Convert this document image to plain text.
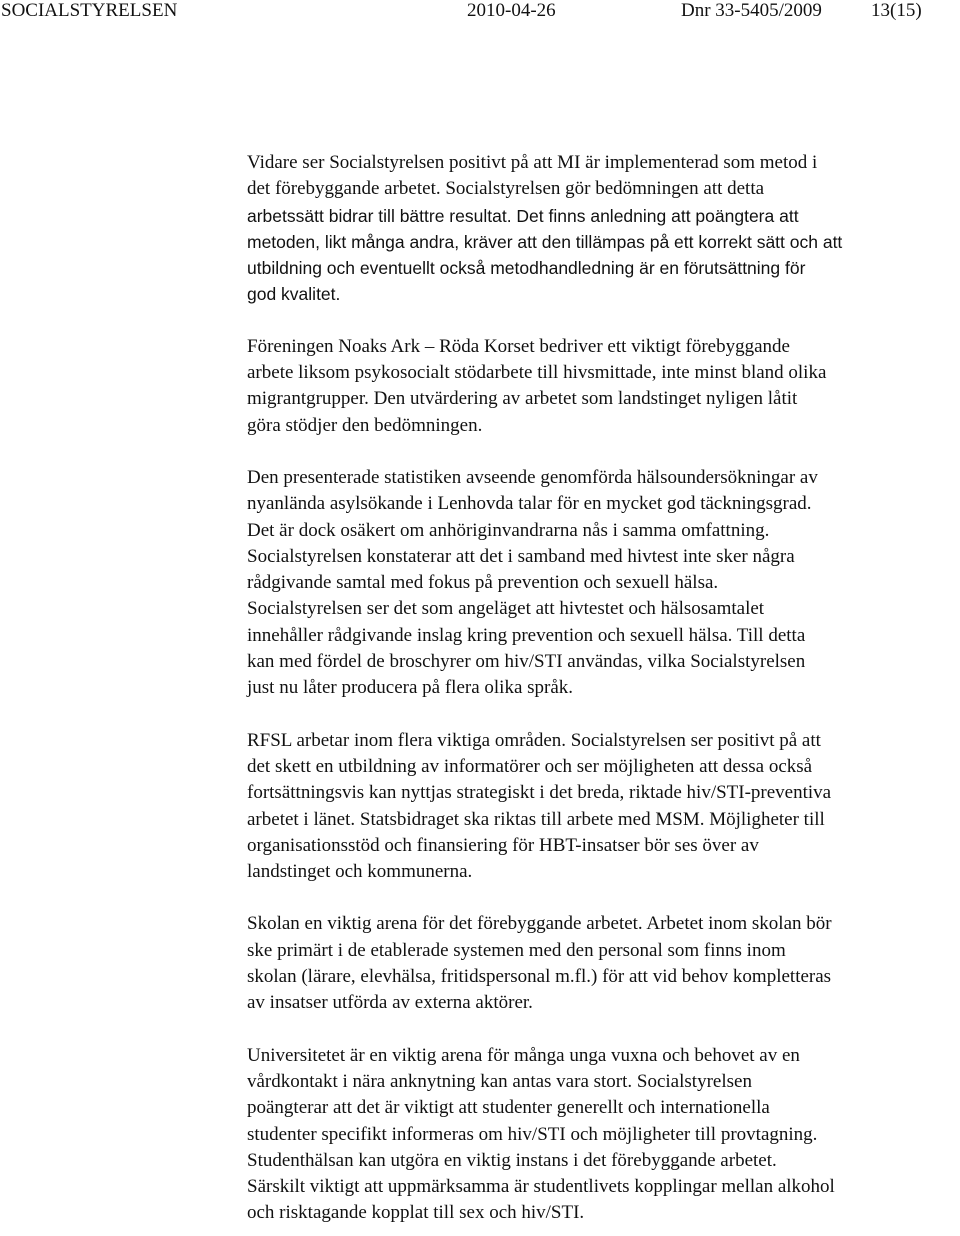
SOCIALSTYRELSEN	2010-04-26	Dnr 33-5405/2009	13(15)

Vidare ser Socialstyrelsen positivt på att MI är implementerad som metod i
det förebyggande arbetet. Socialstyrelsen gör bedömningen att detta
arbetssätt bidrar till bättre resultat. Det finns anledning att poängtera att
metoden, likt många andra, kräver att den tillämpas på ett korrekt sätt och att
utbildning och eventuellt också metodhandledning är en förutsättning för
god kvalitet.

Föreningen Noaks Ark – Röda Korset bedriver ett viktigt förebyggande
arbete liksom psykosocialt stödarbete till hivsmittade, inte minst bland olika
migrantgrupper. Den utvärdering av arbetet som landstinget nyligen låtit
göra stödjer den bedömningen.

Den presenterade statistiken avseende genomförda hälsoundersökningar av
nyanlända asylsökande i Lenhovda talar för en mycket god täckningsgrad.
Det är dock osäkert om anhöriginvandrarna nås i samma omfattning.
Socialstyrelsen konstaterar att det i samband med hivtest inte sker några
rådgivande samtal med fokus på prevention och sexuell hälsa.
Socialstyrelsen ser det som angeläget att hivtestet och hälsosamtalet
innehåller rådgivande inslag kring prevention och sexuell hälsa. Till detta
kan med fördel de broschyrer om hiv/STI användas, vilka Socialstyrelsen
just nu låter producera på flera olika språk.

RFSL arbetar inom flera viktiga områden. Socialstyrelsen ser positivt på att
det skett en utbildning av informatörer och ser möjligheten att dessa också
fortsättningsvis kan nyttjas strategiskt i det breda, riktade hiv/STI-preventiva
arbetet i länet. Statsbidraget ska riktas till arbete med MSM. Möjligheter till
organisationsstöd och finansiering för HBT-insatser bör ses över av
landstinget och kommunerna.

Skolan en viktig arena för det förebyggande arbetet. Arbetet inom skolan bör
ske primärt i de etablerade systemen med den personal som finns inom
skolan (lärare, elevhälsa, fritidspersonal m.fl.) för att vid behov kompletteras
av insatser utförda av externa aktörer.

Universitetet är en viktig arena för många unga vuxna och behovet av en
vårdkontakt i nära anknytning kan antas vara stort. Socialstyrelsen
poängterar att det är viktigt att studenter generellt och internationella
studenter specifikt informeras om hiv/STI och möjligheter till provtagning.
Studenthälsan kan utgöra en viktig instans i det förebyggande arbetet.
Särskilt viktigt att uppmärksamma är studentlivets kopplingar mellan alkohol
och risktagande kopplat till sex och hiv/STI.
